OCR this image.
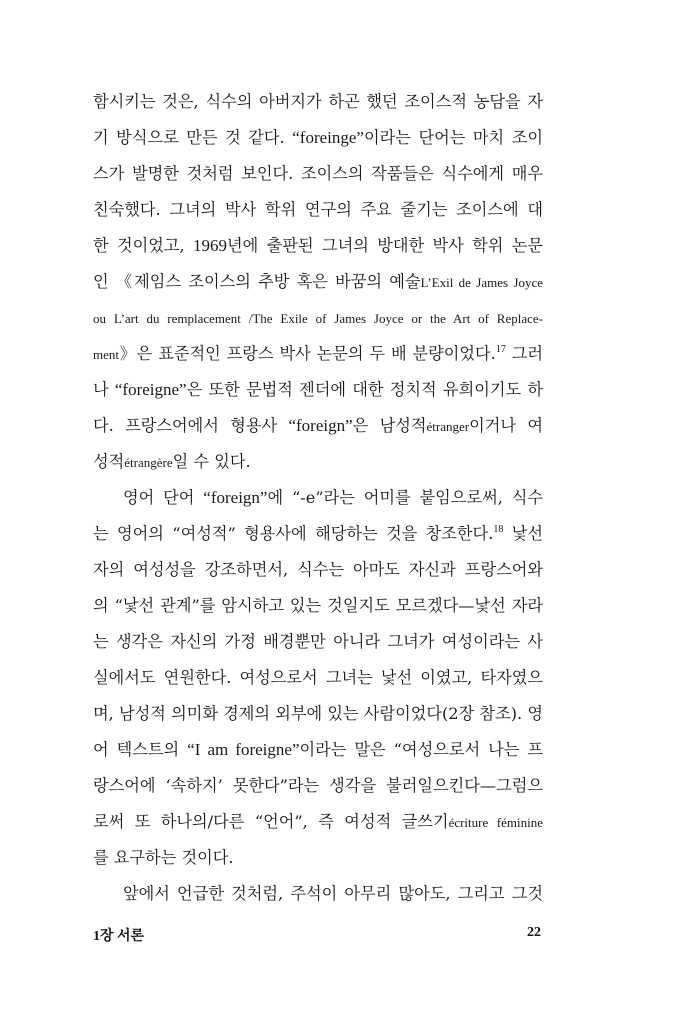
함시키는 것은, 식수의 아버지가 하곤 했던 조이스적 농담을 자
기 방식으로 만든 것 같다. “foreinge”이라는 단어는 마치 조이
스가 발명한 것처럼 보인다. 조이스의 작품들은 식수에게 매우
친숙했다. 그녀의 박사 학위 연구의 주요 줄기는 조이스에 대
한 것이었고, 1969년에 출판된 그녀의 방대한 박사 학위 논문
인 《제임스 조이스의 추방 혹은 바꿈의 예술L’Exil de James Joyce
ou L’art du remplacement /The Exile of James Joyce or the Art of Replace-
ment》은 표준적인 프랑스 박사 논문의 두 배 분량이었다.$^{17}$ 그러
나 “foreigne”은 또한 문법적 젠더에 대한 정치적 유희이기도 하
다. 프랑스어에서 형용사 “foreign”은 남성적étranger이거나 여
성적étrangère일 수 있다.
영어 단어 “foreign”에 “-e”라는 어미를 붙임으로써, 식수
는 영어의 “여성적” 형용사에 해당하는 것을 창조한다.$^{18}$ 낯선
자의 여성성을 강조하면서, 식수는 아마도 자신과 프랑스어와
의 “낯선 관계”를 암시하고 있는 것일지도 모르겠다—낯선 자라
는 생각은 자신의 가정 배경뿐만 아니라 그녀가 여성이라는 사
실에서도 연원한다. 여성으로서 그녀는 낯선 이였고, 타자였으
며, 남성적 의미화 경제의 외부에 있는 사람이었다(2장 참조). 영
어 텍스트의 “I am foreigne”이라는 말은 “여성으로서 나는 프
랑스어에 ‘속하지’ 못한다”라는 생각을 불러일으킨다—그럼으
로써 또 하나의/다른 “언어”, 즉 여성적 글쓰기écriture féminine
를 요구하는 것이다.
앞에서 언급한 것처럼, 주석이 아무리 많아도, 그리고 그것
1장 서론	22
